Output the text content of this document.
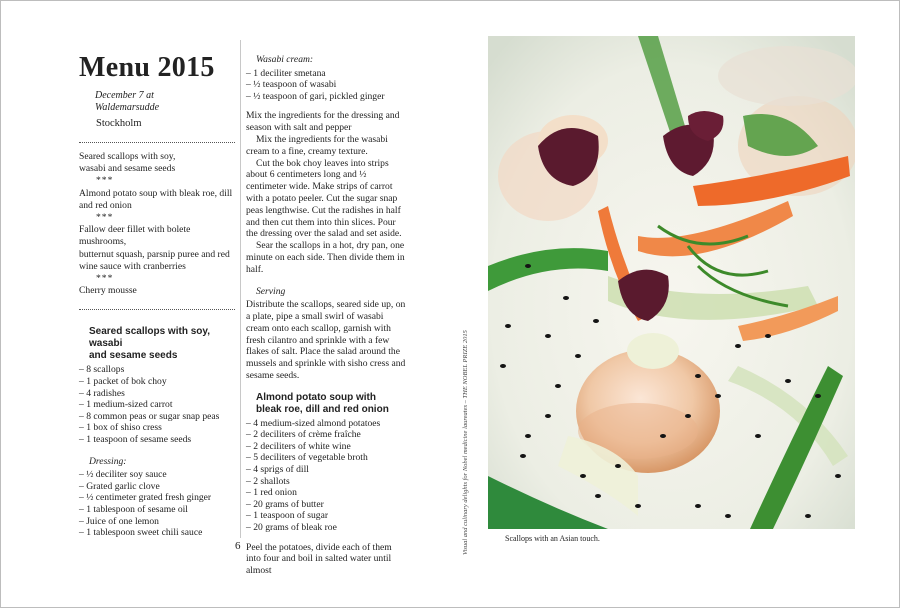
Menu 2015
December 7 at
Waldemarsudde
Stockholm

Seared scallops with soy,

wasabi and sesame seeds

***

Almond potato soup with bleak roe, dill

and red onion

***

Fallow deer fillet with bolete mushrooms,

butternut squash, parsnip puree and red

wine sauce with cranberries

***

Cherry mousse

Seared scallops with soy, wasabi
and sesame seeds
– 8 scallops
– 1 packet of bok choy
– 4 radishes
– 1 medium-sized carrot
– 8 common peas or sugar snap peas
– 1 box of shiso cress
– 1 teaspoon of sesame seeds
Dressing:
– ½ deciliter soy sauce
– Grated garlic clove
– ½ centimeter grated fresh ginger
– 1 tablespoon of sesame oil
– Juice of one lemon
– 1 tablespoon sweet chili sauce
Wasabi cream:
– 1 deciliter smetana
– ½ teaspoon of wasabi
– ½ teaspoon of gari, pickled ginger

Mix the ingredients for the dressing and season with salt and pepper

Mix the ingredients for the wasabi cream to a fine, creamy texture.

Cut the bok choy leaves into strips about 6 centimeters long and ½ centimeter wide. Make strips of carrot with a potato peeler. Cut the sugar snap peas lengthwise. Cut the radishes in half and then cut them into thin slices. Pour the dressing over the salad and set aside.

Sear the scallops in a hot, dry pan, one minute on each side. Then divide them in half.

Serving

Distribute the scallops, seared side up, on a plate, pipe a small swirl of wasabi cream onto each scallop, garnish with fresh cilantro and sprinkle with a few flakes of salt. Place the salad around the mussels and sprinkle with sisho cress and sesame seeds.

Almond potato soup with
bleak roe, dill and red onion
– 4 medium-sized almond potatoes
– 2 deciliters of crème fraîche
– 2 deciliters of white wine
– 5 deciliters of vegetable broth
– 4 sprigs of dill
– 2 shallots
– 1 red onion
– 20 grams of butter
– 1 teaspoon of sugar
– 20 grams of bleak roe

Peel the potatoes, divide each of them into four and boil in salted water until almost

6	Visual and culinary delights for Nobel medicine laureates – THE NOBEL PRIZE 2015	Scallops with an Asian touch.
